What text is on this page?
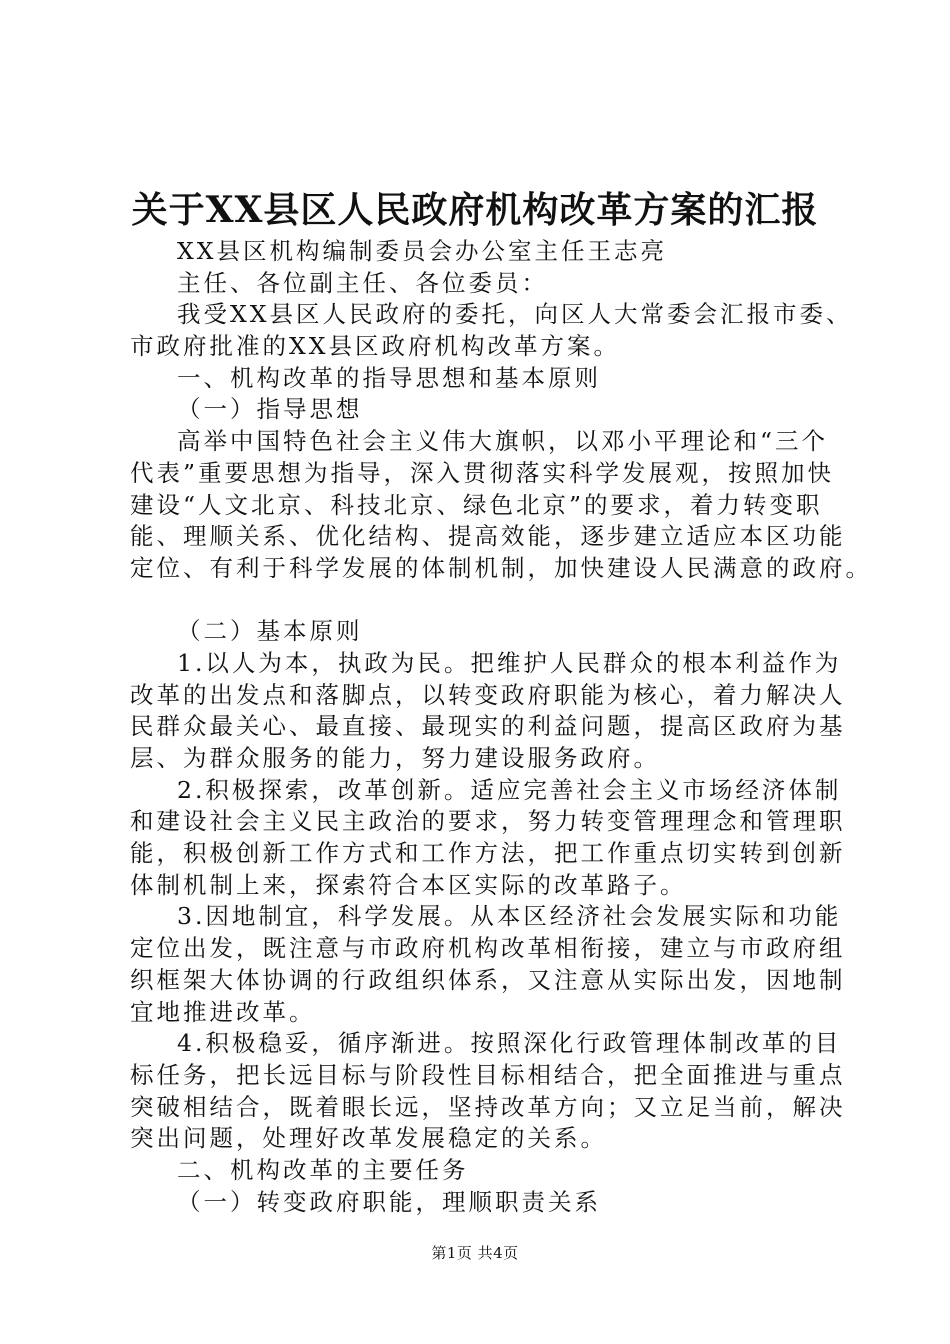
关于XX县区人民政府机构改革方案的汇报
XX县区机构编制委员会办公室主任王志亮
主任、各位副主任、各位委员：
我受XX县区人民政府的委托，向区人大常委会汇报市委、
市政府批准的XX县区政府机构改革方案。
一、机构改革的指导思想和基本原则
（一）指导思想
高举中国特色社会主义伟大旗帜，以邓小平理论和“三个
代表”重要思想为指导，深入贯彻落实科学发展观，按照加快
建设“人文北京、科技北京、绿色北京”的要求，着力转变职
能、理顺关系、优化结构、提高效能，逐步建立适应本区功能
定位、有利于科学发展的体制机制，加快建设人民满意的政府。
（二）基本原则
1.以人为本，执政为民。把维护人民群众的根本利益作为
改革的出发点和落脚点，以转变政府职能为核心，着力解决人
民群众最关心、最直接、最现实的利益问题，提高区政府为基
层、为群众服务的能力，努力建设服务政府。
2.积极探索，改革创新。适应完善社会主义市场经济体制
和建设社会主义民主政治的要求，努力转变管理理念和管理职
能，积极创新工作方式和工作方法，把工作重点切实转到创新
体制机制上来，探索符合本区实际的改革路子。
3.因地制宜，科学发展。从本区经济社会发展实际和功能
定位出发，既注意与市政府机构改革相衔接，建立与市政府组
织框架大体协调的行政组织体系，又注意从实际出发，因地制
宜地推进改革。
4.积极稳妥，循序渐进。按照深化行政管理体制改革的目
标任务，把长远目标与阶段性目标相结合，把全面推进与重点
突破相结合，既着眼长远，坚持改革方向；又立足当前，解决
突出问题，处理好改革发展稳定的关系。
二、机构改革的主要任务
（一）转变政府职能，理顺职责关系
第1页 共4页
